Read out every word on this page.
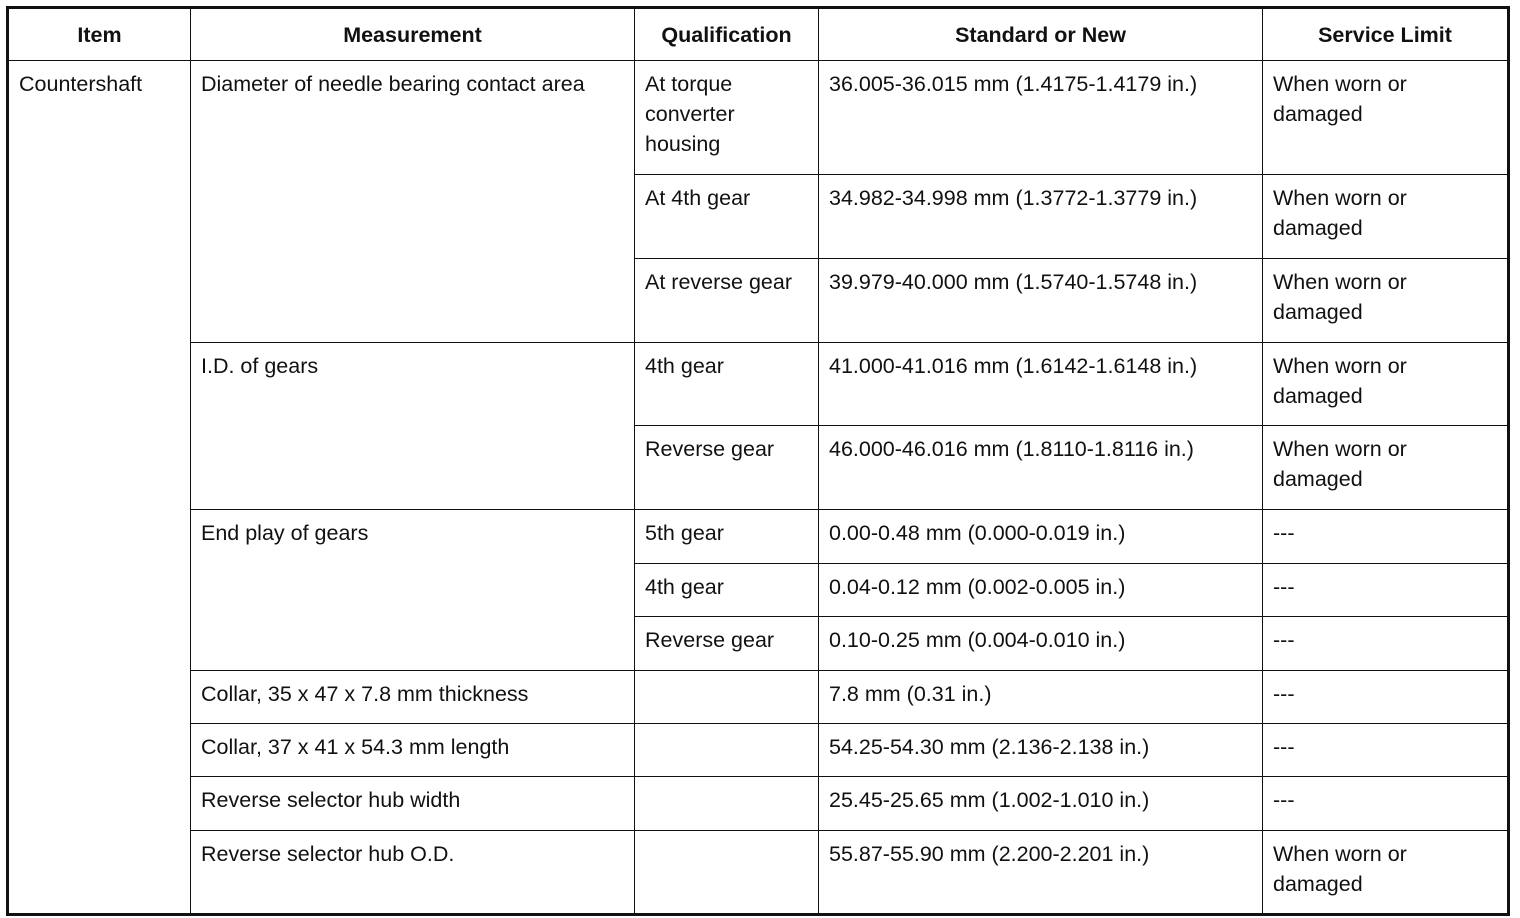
Item	Measurement	Qualification	Standard or New	Service Limit
Countershaft	Diameter of needle bearing contact area	At torque converter housing	36.005-36.015 mm (1.4175-1.4179 in.)	When worn or damaged
		At 4th gear	34.982-34.998 mm (1.3772-1.3779 in.)	When worn or damaged
		At reverse gear	39.979-40.000 mm (1.5740-1.5748 in.)	When worn or damaged
	I.D. of gears	4th gear	41.000-41.016 mm (1.6142-1.6148 in.)	When worn or damaged
		Reverse gear	46.000-46.016 mm (1.8110-1.8116 in.)	When worn or damaged
	End play of gears	5th gear	0.00-0.48 mm (0.000-0.019 in.)	---
		4th gear	0.04-0.12 mm (0.002-0.005 in.)	---
		Reverse gear	0.10-0.25 mm (0.004-0.010 in.)	---
	Collar, 35 x 47 x 7.8 mm thickness		7.8 mm (0.31 in.)	---
	Collar, 37 x 41 x 54.3 mm length		54.25-54.30 mm (2.136-2.138 in.)	---
	Reverse selector hub width		25.45-25.65 mm (1.002-1.010 in.)	---
	Reverse selector hub O.D.		55.87-55.90 mm (2.200-2.201 in.)	When worn or damaged
